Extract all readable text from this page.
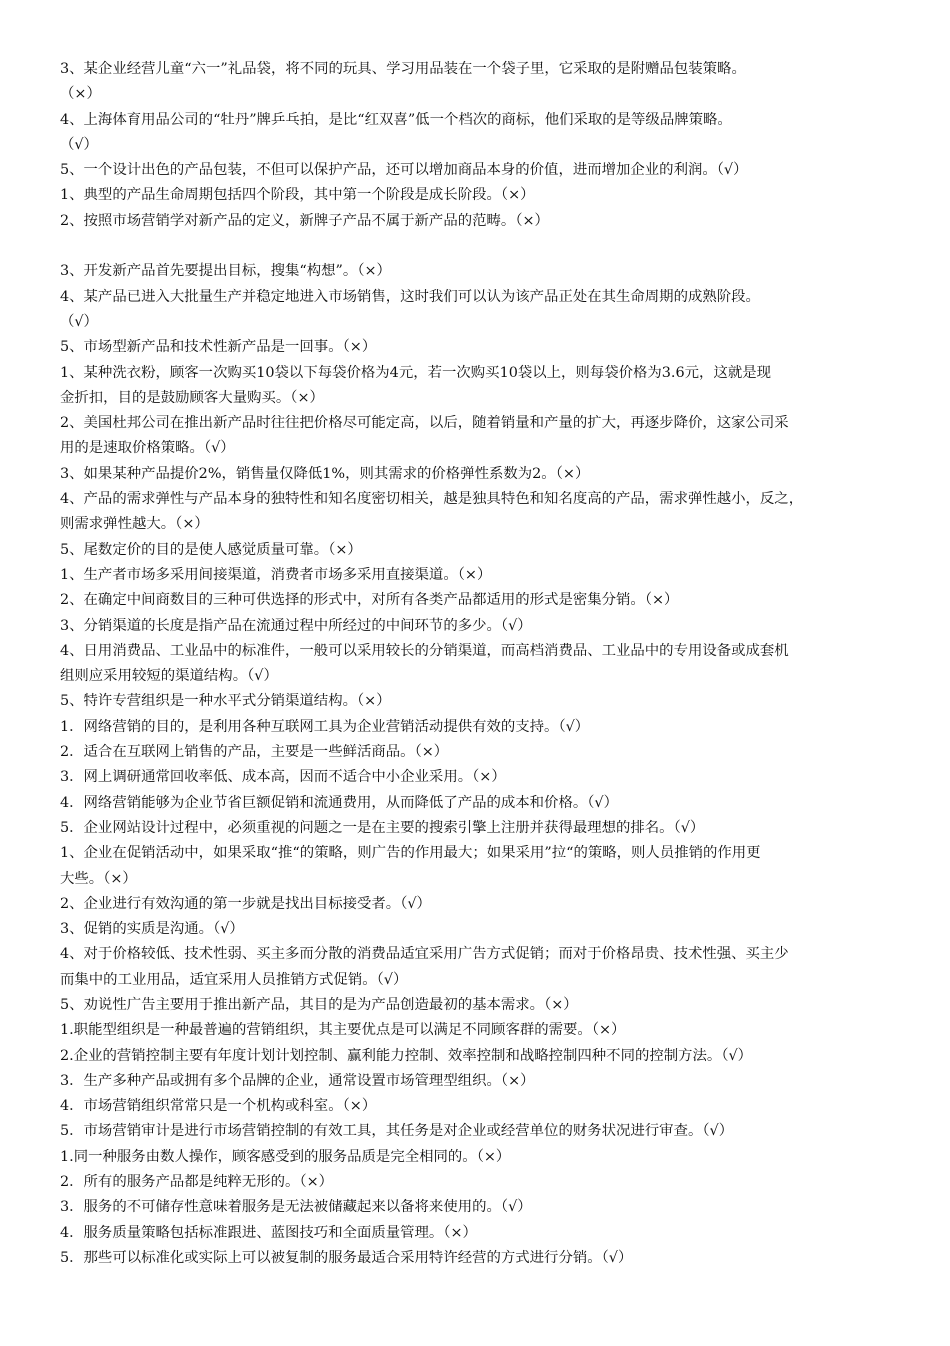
3、某企业经营儿童“六一”礼品袋，将不同的玩具、学习用品装在一个袋子里，它采取的是附赠品包装策略。
（×）
4、上海体育用品公司的“牡丹”牌乒乓拍，是比“红双喜”低一个档次的商标，他们采取的是等级品牌策略。
（√）
5、一个设计出色的产品包装，不但可以保护产品，还可以增加商品本身的价值，进而增加企业的利润。（√）
1、典型的产品生命周期包括四个阶段，其中第一个阶段是成长阶段。（×）
2、按照市场营销学对新产品的定义，新牌子产品不属于新产品的范畴。（×）
3、开发新产品首先要提出目标，搜集“构想”。（×）
4、某产品已进入大批量生产并稳定地进入市场销售，这时我们可以认为该产品正处在其生命周期的成熟阶段。
（√）
5、市场型新产品和技术性新产品是一回事。（×）
1、某种洗衣粉，顾客一次购买10袋以下每袋价格为4元，若一次购买10袋以上，则每袋价格为3.6元，这就是现
金折扣，目的是鼓励顾客大量购买。（×）
2、美国杜邦公司在推出新产品时往往把价格尽可能定高，以后，随着销量和产量的扩大，再逐步降价，这家公司采
用的是速取价格策略。（√）
3、如果某种产品提价2%，销售量仅降低1%，则其需求的价格弹性系数为2。（×）
4、产品的需求弹性与产品本身的独特性和知名度密切相关，越是独具特色和知名度高的产品，需求弹性越小，反之，
则需求弹性越大。（×）
5、尾数定价的目的是使人感觉质量可靠。（×）
1、生产者市场多采用间接渠道，消费者市场多采用直接渠道。（×）
2、在确定中间商数目的三种可供选择的形式中，对所有各类产品都适用的形式是密集分销。（×）
3、分销渠道的长度是指产品在流通过程中所经过的中间环节的多少。（√）
4、日用消费品、工业品中的标准件，一般可以采用较长的分销渠道，而高档消费品、工业品中的专用设备或成套机
组则应采用较短的渠道结构。（√）
5、特许专营组织是一种水平式分销渠道结构。（×）
1．网络营销的目的，是利用各种互联网工具为企业营销活动提供有效的支持。（√）
2．适合在互联网上销售的产品，主要是一些鲜活商品。（×）
3．网上调研通常回收率低、成本高，因而不适合中小企业采用。（×）
4．网络营销能够为企业节省巨额促销和流通费用，从而降低了产品的成本和价格。（√）
5．企业网站设计过程中，必须重视的问题之一是在主要的搜索引擎上注册并获得最理想的排名。（√）
1、企业在促销活动中，如果采取“推“的策略，则广告的作用最大；如果采用”拉“的策略，则人员推销的作用更
大些。（×）
2、企业进行有效沟通的第一步就是找出目标接受者。（√）
3、促销的实质是沟通。（√）
4、对于价格较低、技术性弱、买主多而分散的消费品适宜采用广告方式促销；而对于价格昂贵、技术性强、买主少
而集中的工业用品，适宜采用人员推销方式促销。（√）
5、劝说性广告主要用于推出新产品，其目的是为产品创造最初的基本需求。（×）
1.职能型组织是一种最普遍的营销组织，其主要优点是可以满足不同顾客群的需要。（×）
2.企业的营销控制主要有年度计划计划控制、赢利能力控制、效率控制和战略控制四种不同的控制方法。（√）
3．生产多种产品或拥有多个品牌的企业，通常设置市场管理型组织。（×）
4．市场营销组织常常只是一个机构或科室。（×）
5．市场营销审计是进行市场营销控制的有效工具，其任务是对企业或经营单位的财务状况进行审查。（√）
1.同一种服务由数人操作，顾客感受到的服务品质是完全相同的。（×）
2．所有的服务产品都是纯粹无形的。（×）
3．服务的不可储存性意味着服务是无法被储藏起来以备将来使用的。（√）
4．服务质量策略包括标准跟进、蓝图技巧和全面质量管理。（×）
5．那些可以标准化或实际上可以被复制的服务最适合采用特许经营的方式进行分销。（√）
